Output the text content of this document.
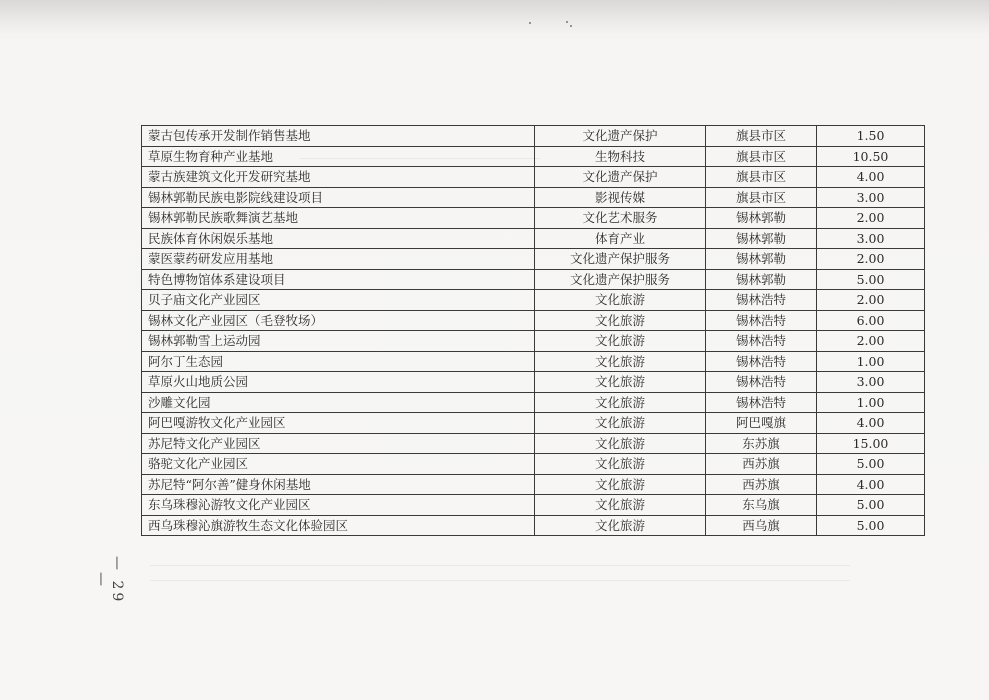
蒙古包传承开发制作销售基地	文化遗产保护	旗县市区	1.50
草原生物育种产业基地	生物科技	旗县市区	10.50
蒙古族建筑文化开发研究基地	文化遗产保护	旗县市区	4.00
锡林郭勒民族电影院线建设项目	影视传媒	旗县市区	3.00
锡林郭勒民族歌舞演艺基地	文化艺术服务	锡林郭勒	2.00
民族体育休闲娱乐基地	体育产业	锡林郭勒	3.00
蒙医蒙药研发应用基地	文化遗产保护服务	锡林郭勒	2.00
特色博物馆体系建设项目	文化遗产保护服务	锡林郭勒	5.00
贝子庙文化产业园区	文化旅游	锡林浩特	2.00
锡林文化产业园区（毛登牧场）	文化旅游	锡林浩特	6.00
锡林郭勒雪上运动园	文化旅游	锡林浩特	2.00
阿尔丁生态园	文化旅游	锡林浩特	1.00
草原火山地质公园	文化旅游	锡林浩特	3.00
沙雕文化园	文化旅游	锡林浩特	1.00
阿巴嘎游牧文化产业园区	文化旅游	阿巴嘎旗	4.00
苏尼特文化产业园区	文化旅游	东苏旗	15.00
骆驼文化产业园区	文化旅游	西苏旗	5.00
苏尼特“阿尔善”健身休闲基地	文化旅游	西苏旗	4.00
东乌珠穆沁游牧文化产业园区	文化旅游	东乌旗	5.00
西乌珠穆沁旗游牧生态文化体验园区	文化旅游	西乌旗	5.00
— 29 —
